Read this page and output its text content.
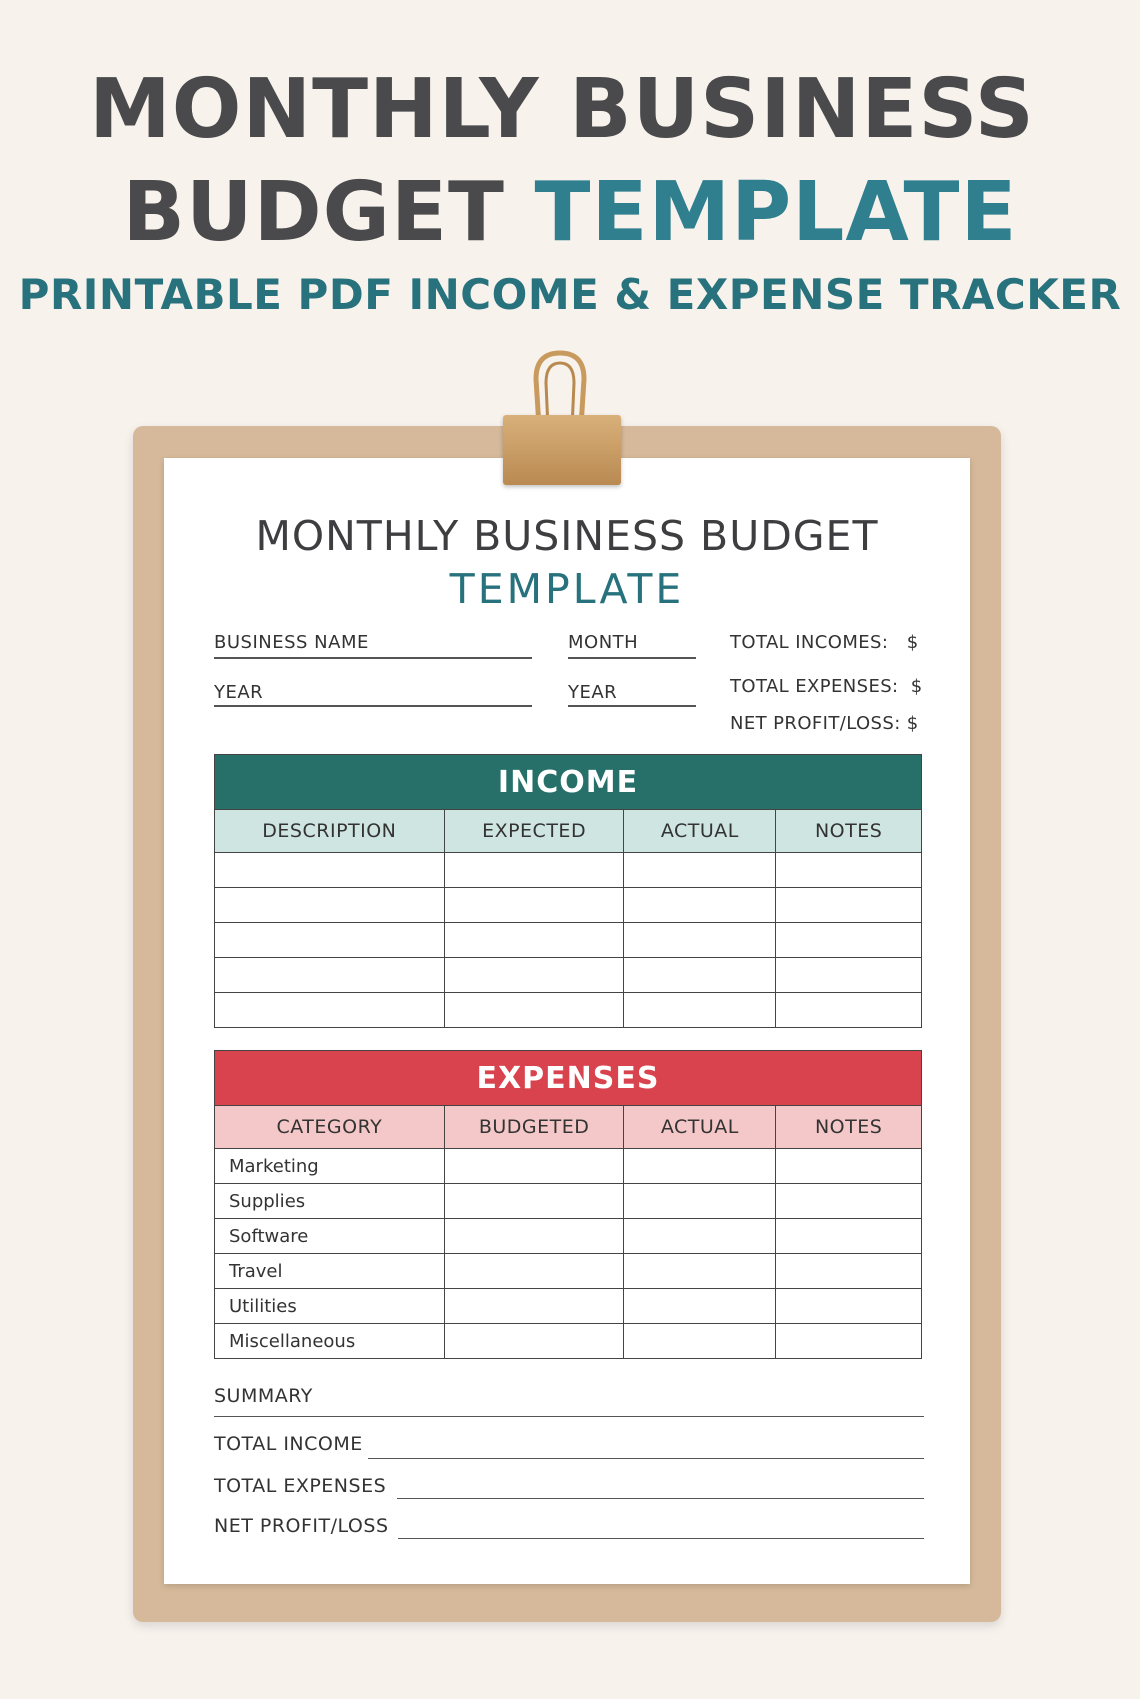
MONTHLY BUSINESS
BUDGET TEMPLATE
PRINTABLE PDF INCOME & EXPENSE TRACKER
MONTHLY BUSINESS BUDGET
TEMPLATE
BUSINESS NAME	MONTH
YEAR	YEAR
TOTAL INCOMES:   $
TOTAL EXPENSES:  $
NET PROFIT/LOSS: $
INCOME			
DESCRIPTION	EXPECTED	ACTUAL	NOTES

EXPENSES			
CATEGORY	BUDGETED	ACTUAL	NOTES
Marketing			
Supplies			
Software			
Travel			
Utilities			
Miscellaneous			
SUMMARY
TOTAL INCOME
TOTAL EXPENSES
NET PROFIT/LOSS
